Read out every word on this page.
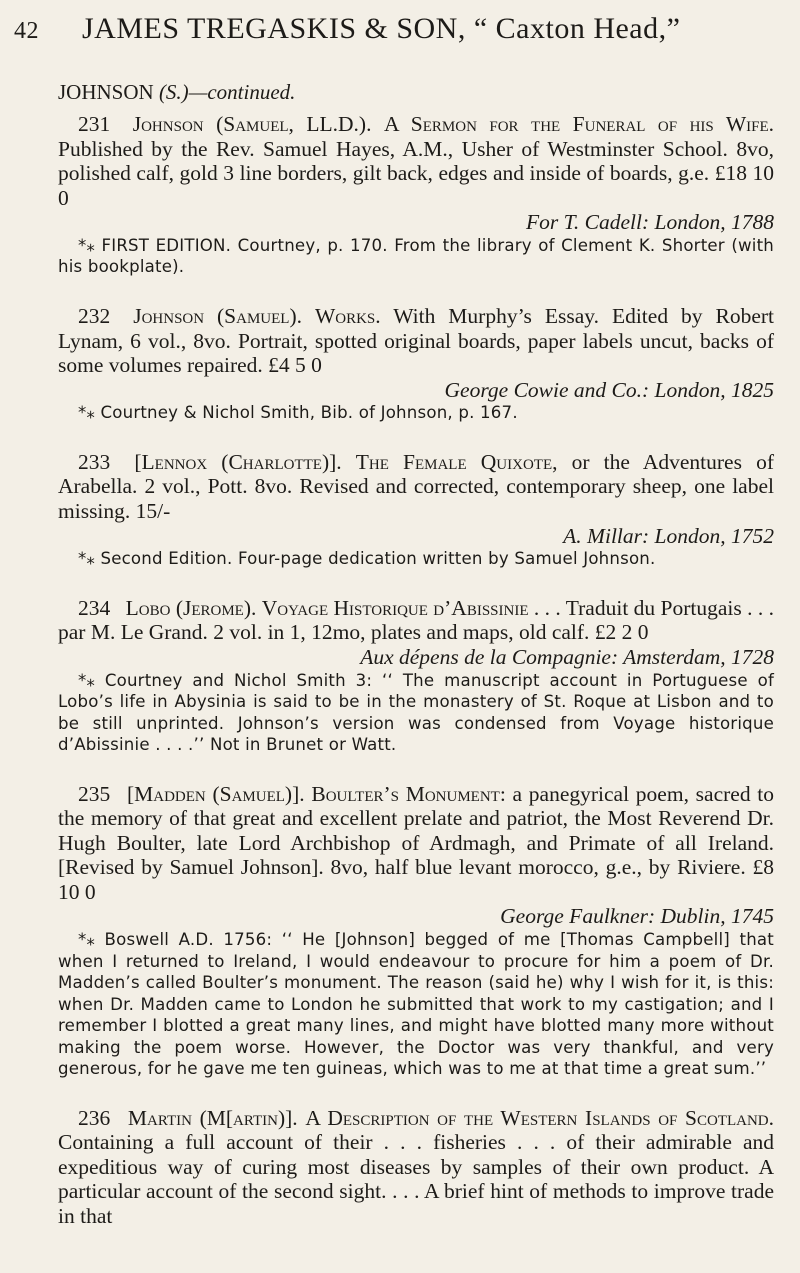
42 JAMES TREGASKIS & SON, “ Caxton Head,”
JOHNSON (S.)—continued.

231 Johnson (Samuel, LL.D.). A Sermon for the Funeral of his Wife. Published by the Rev. Samuel Hayes, A.M., Usher of Westminster School. 8vo, polished calf, gold 3 line borders, gilt back, edges and inside of boards, g.e. £18 10 0

For T. Cadell: London, 1788

*⁎ FIRST EDITION. Courtney, p. 170. From the library of Clement K. Shorter (with his bookplate).

232 Johnson (Samuel). Works. With Murphy’s Essay. Edited by Robert Lynam, 6 vol., 8vo. Portrait, spotted original boards, paper labels uncut, backs of some volumes repaired. £4 5 0

George Cowie and Co.: London, 1825

*⁎ Courtney & Nichol Smith, Bib. of Johnson, p. 167.

233 [Lennox (Charlotte)]. The Female Quixote, or the Adventures of Arabella. 2 vol., Pott. 8vo. Revised and corrected, contemporary sheep, one label missing. 15/-

A. Millar: London, 1752

*⁎ Second Edition. Four-page dedication written by Samuel Johnson.

234 Lobo (Jerome). Voyage Historique d’Abissinie . . . Traduit du Portugais . . . par M. Le Grand. 2 vol. in 1, 12mo, plates and maps, old calf. £2 2 0

Aux dépens de la Compagnie: Amsterdam, 1728

*⁎ Courtney and Nichol Smith 3: ‘‘ The manuscript account in Portuguese of Lobo’s life in Abysinia is said to be in the monastery of St. Roque at Lisbon and to be still unprinted. Johnson’s version was condensed from Voyage historique d’Abissinie . . . .’’ Not in Brunet or Watt.

235 [Madden (Samuel)]. Boulter’s Monument: a panegyrical poem, sacred to the memory of that great and excellent prelate and patriot, the Most Reverend Dr. Hugh Boulter, late Lord Archbishop of Ardmagh, and Primate of all Ireland. [Revised by Samuel Johnson]. 8vo, half blue levant morocco, g.e., by Riviere. £8 10 0

George Faulkner: Dublin, 1745

*⁎ Boswell A.D. 1756: ‘‘ He [Johnson] begged of me [Thomas Campbell] that when I returned to Ireland, I would endeavour to procure for him a poem of Dr. Madden’s called Boulter’s monument. The reason (said he) why I wish for it, is this: when Dr. Madden came to London he submitted that work to my castigation; and I remember I blotted a great many lines, and might have blotted many more without making the poem worse. However, the Doctor was very thankful, and very generous, for he gave me ten guineas, which was to me at that time a great sum.’’

236 Martin (M[artin)]. A Description of the Western Islands of Scotland. Containing a full account of their . . . fisheries . . . of their admirable and expeditious way of curing most diseases by samples of their own product. A particular account of the second sight. . . . A brief hint of methods to improve trade in that
